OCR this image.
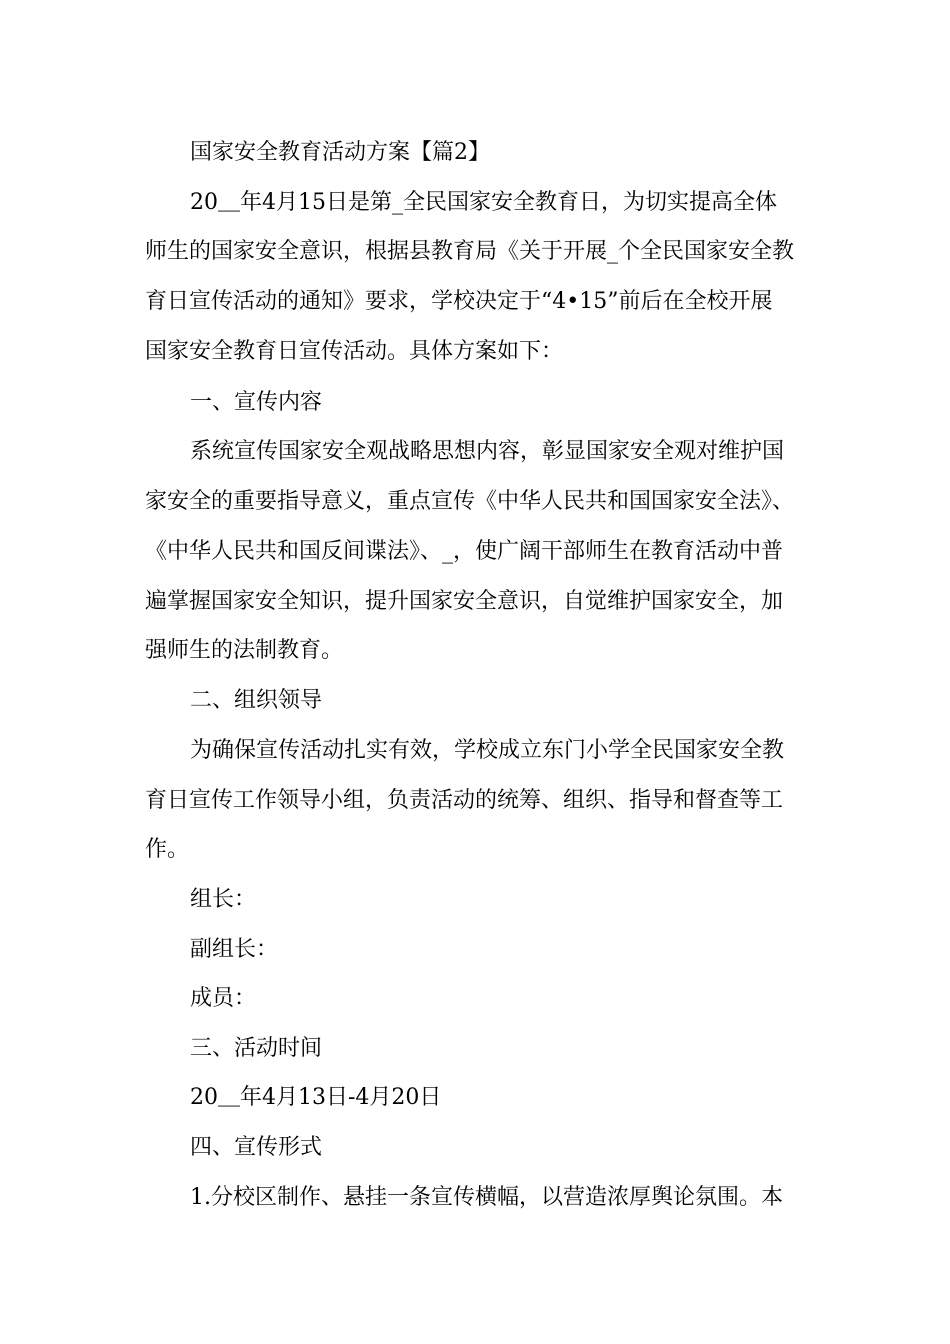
国家安全教育活动方案【篇2】
20＿年4月15日是第_全民国家安全教育日，为切实提高全体
师生的国家安全意识，根据县教育局《关于开展_个全民国家安全教
育日宣传活动的通知》要求，学校决定于“4•15”前后在全校开展
国家安全教育日宣传活动。具体方案如下：
一、宣传内容
系统宣传国家安全观战略思想内容，彰显国家安全观对维护国
家安全的重要指导意义，重点宣传《中华人民共和国国家安全法》、
《中华人民共和国反间谍法》、_，使广阔干部师生在教育活动中普
遍掌握国家安全知识，提升国家安全意识，自觉维护国家安全，加
强师生的法制教育。
二、组织领导
为确保宣传活动扎实有效，学校成立东门小学全民国家安全教
育日宣传工作领导小组，负责活动的统筹、组织、指导和督查等工
作。
组长：
副组长：
成员：
三、活动时间
20＿年4月13日-4月20日
四、宣传形式
1.分校区制作、悬挂一条宣传横幅，以营造浓厚舆论氛围。本
